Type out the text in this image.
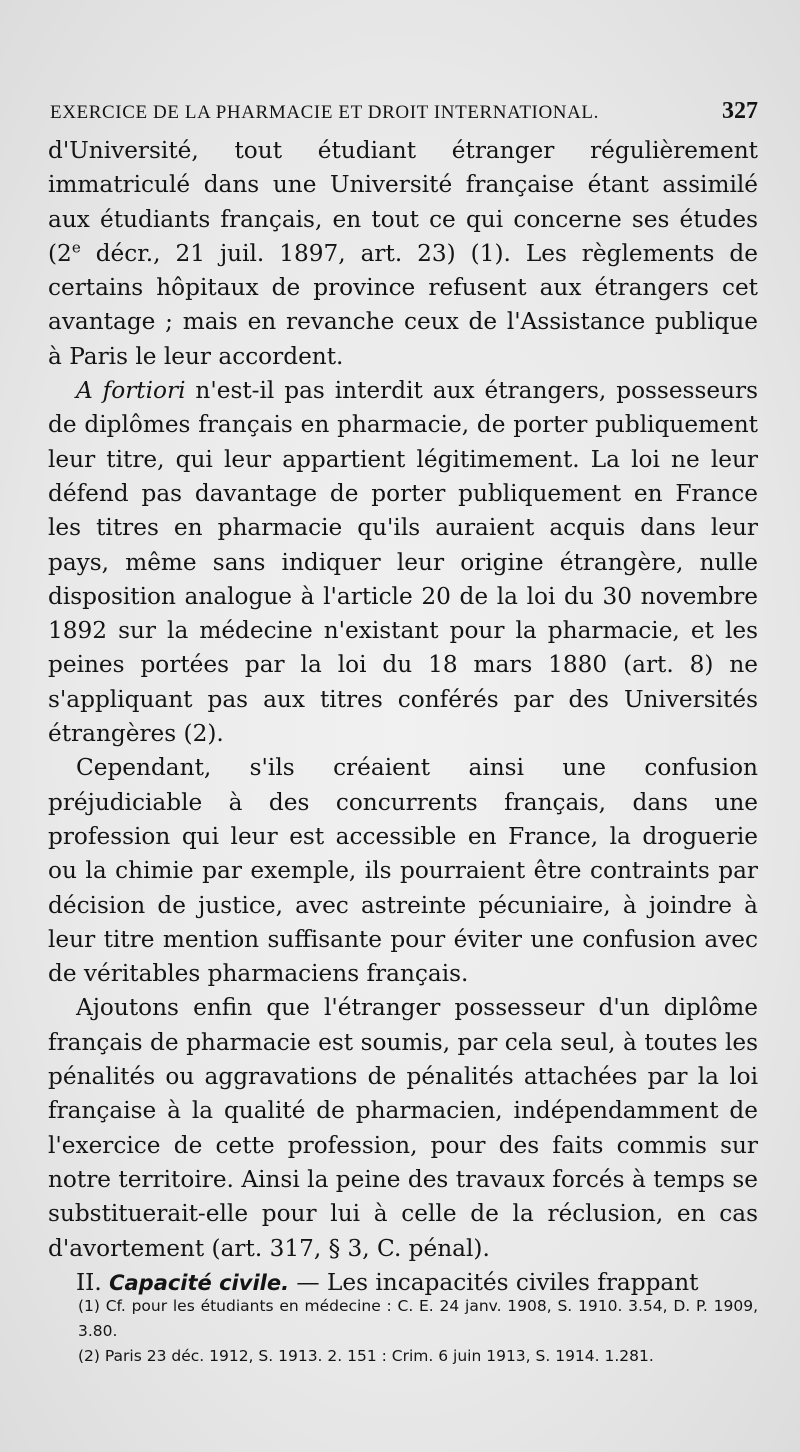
EXERCICE DE LA PHARMACIE ET DROIT INTERNATIONAL.	327

d'Université, tout étudiant étranger régulièrement immatriculé dans une Université française étant assimilé aux étudiants français, en tout ce qui concerne ses études (2e décr., 21 juil. 1897, art. 23) (1). Les règlements de certains hôpitaux de province refusent aux étrangers cet avantage ; mais en revanche ceux de l'Assistance publique à Paris le leur accordent.

A fortiori n'est-il pas interdit aux étrangers, possesseurs de diplômes français en pharmacie, de porter publiquement leur titre, qui leur appartient légitimement. La loi ne leur défend pas davantage de porter publiquement en France les titres en pharmacie qu'ils auraient acquis dans leur pays, même sans indiquer leur origine étrangère, nulle disposition analogue à l'article 20 de la loi du 30 novembre 1892 sur la médecine n'existant pour la pharmacie, et les peines portées par la loi du 18 mars 1880 (art. 8) ne s'appliquant pas aux titres conférés par des Universités étrangères (2).

Cependant, s'ils créaient ainsi une confusion préjudiciable à des concurrents français, dans une profession qui leur est accessible en France, la droguerie ou la chimie par exemple, ils pourraient être contraints par décision de justice, avec astreinte pécuniaire, à joindre à leur titre mention suffisante pour éviter une confusion avec de véritables pharmaciens français.

Ajoutons enfin que l'étranger possesseur d'un diplôme français de pharmacie est soumis, par cela seul, à toutes les pénalités ou aggravations de pénalités attachées par la loi française à la qualité de pharmacien, indépendamment de l'exercice de cette profession, pour des faits commis sur notre territoire. Ainsi la peine des travaux forcés à temps se substituerait-elle pour lui à celle de la réclusion, en cas d'avortement (art. 317, § 3, C. pénal).

II. Capacité civile. — Les incapacités civiles frappant

(1) Cf. pour les étudiants en médecine : C. E. 24 janv. 1908, S. 1910. 3.54, D. P. 1909, 3.80.

(2) Paris 23 déc. 1912, S. 1913. 2. 151 : Crim. 6 juin 1913, S. 1914. 1.281.
